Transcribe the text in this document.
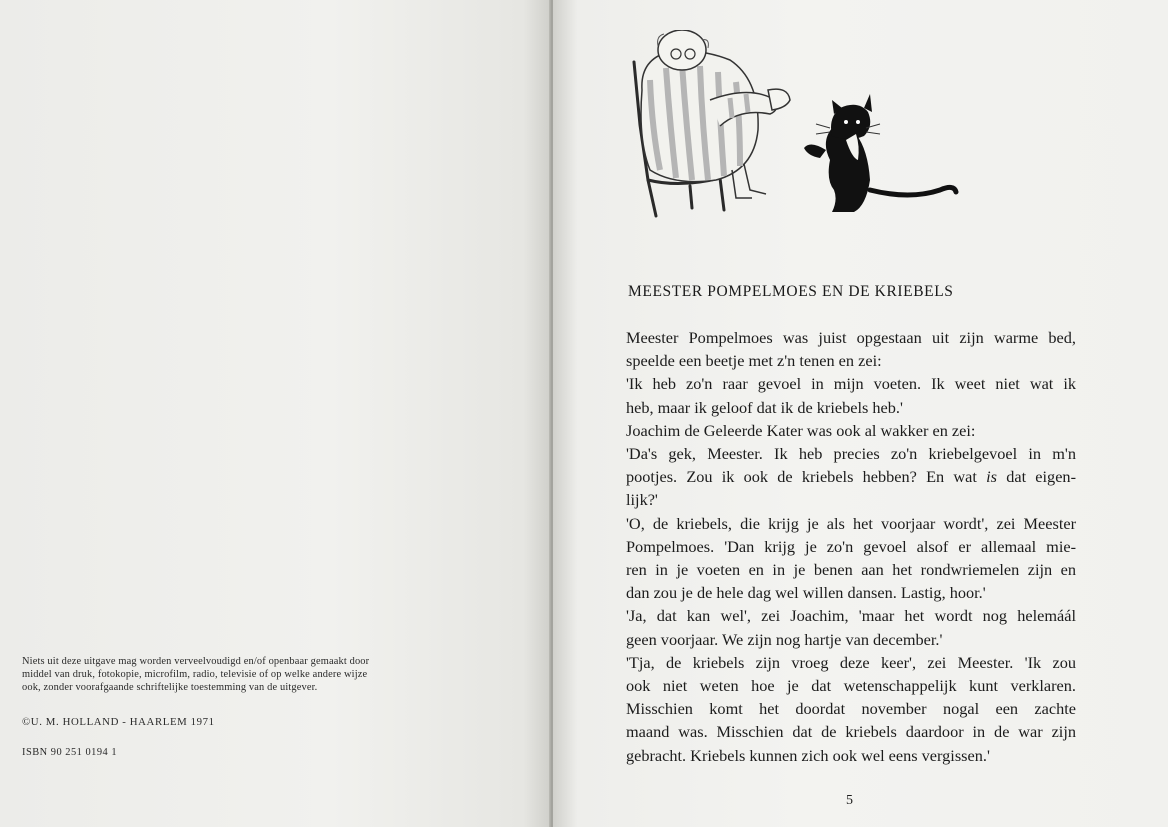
Niets uit deze uitgave mag worden verveelvoudigd en/of openbaar gemaakt door
middel van druk, fotokopie, microfilm, radio, televisie of op welke andere wijze
ook, zonder voorafgaande schriftelijke toestemming van de uitgever.
©U. M. HOLLAND - HAARLEM 1971
ISBN 90 251 0194 1
MEESTER POMPELMOES EN DE KRIEBELS
Meester Pompelmoes was juist opgestaan uit zijn warme bed,
speelde een beetje met z'n tenen en zei:
'Ik heb zo'n raar gevoel in mijn voeten. Ik weet niet wat ik
heb, maar ik geloof dat ik de kriebels heb.'
Joachim de Geleerde Kater was ook al wakker en zei:
'Da's gek, Meester. Ik heb precies zo'n kriebelgevoel in m'n
pootjes. Zou ik ook de kriebels hebben? En wat is dat eigen-
lijk?'
'O, de kriebels, die krijg je als het voorjaar wordt', zei Meester
Pompelmoes. 'Dan krijg je zo'n gevoel alsof er allemaal mie-
ren in je voeten en in je benen aan het rondwriemelen zijn en
dan zou je de hele dag wel willen dansen. Lastig, hoor.'
'Ja, dat kan wel', zei Joachim, 'maar het wordt nog helemáál
geen voorjaar. We zijn nog hartje van december.'
'Tja, de kriebels zijn vroeg deze keer', zei Meester. 'Ik zou
ook niet weten hoe je dat wetenschappelijk kunt verklaren.
Misschien komt het doordat november nogal een zachte
maand was. Misschien dat de kriebels daardoor in de war zijn
gebracht. Kriebels kunnen zich ook wel eens vergissen.'
5
